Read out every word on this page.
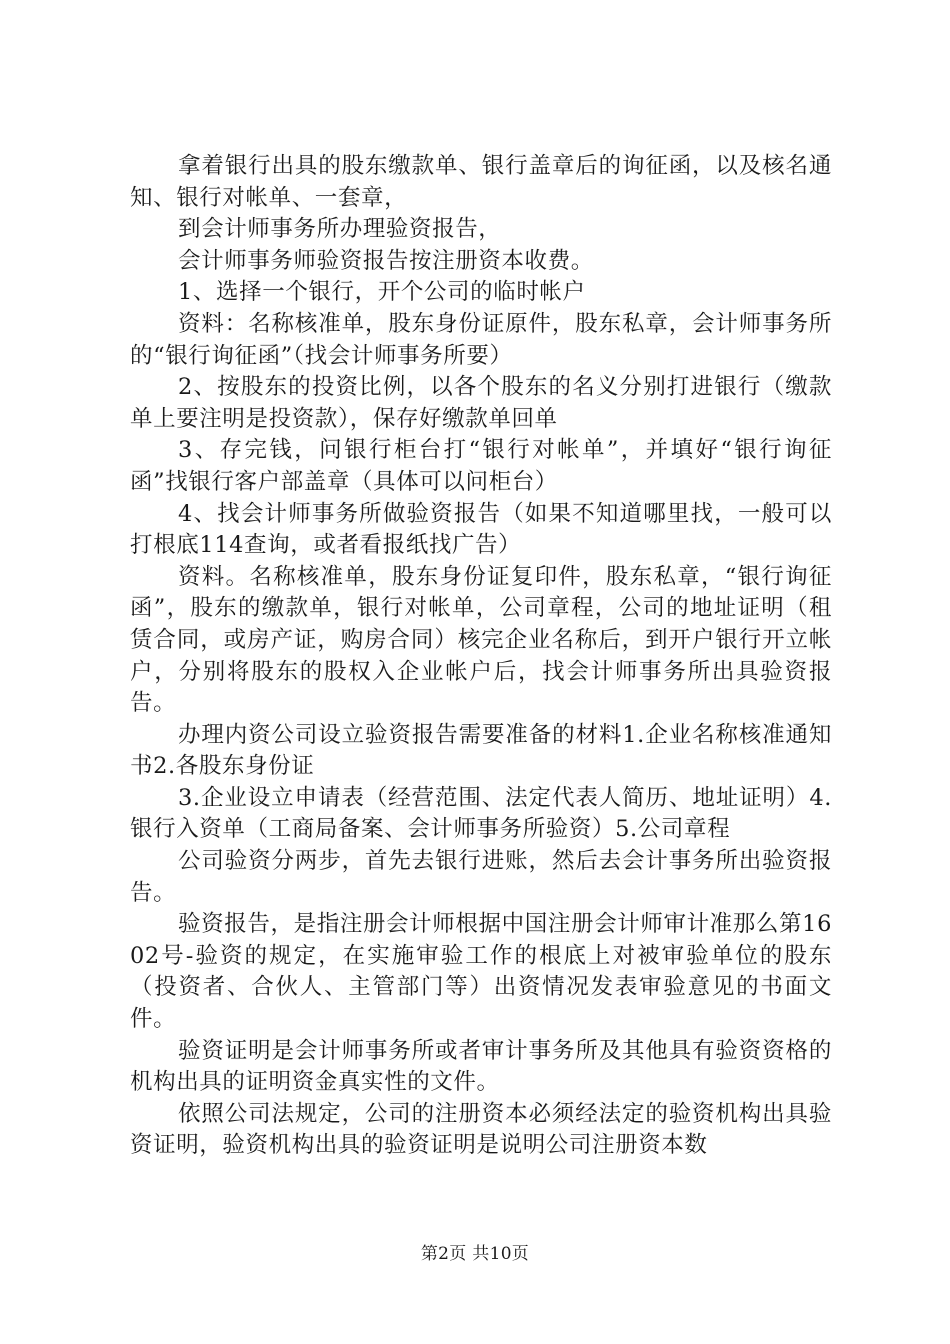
拿着银行出具的股东缴款单、银行盖章后的询征函，以及核名通知、银行对帐单、一套章，

到会计师事务所办理验资报告，

会计师事务师验资报告按注册资本收费。

1、选择一个银行，开个公司的临时帐户

资料：名称核准单，股东身份证原件，股东私章，会计师事务所的“银行询征函”（找会计师事务所要）

2、按股东的投资比例，以各个股东的名义分别打进银行（缴款单上要注明是投资款），保存好缴款单回单

3、存完钱，问银行柜台打“银行对帐单”，并填好“银行询征函”找银行客户部盖章（具体可以问柜台）

4、找会计师事务所做验资报告（如果不知道哪里找，一般可以打根底114查询，或者看报纸找广告）

资料。名称核准单，股东身份证复印件，股东私章，“银行询征函”，股东的缴款单，银行对帐单，公司章程，公司的地址证明（租赁合同，或房产证，购房合同）核完企业名称后，到开户银行开立帐户，分别将股东的股权入企业帐户后，找会计师事务所出具验资报告。

办理内资公司设立验资报告需要准备的材料1.企业名称核准通知书2.各股东身份证

3.企业设立申请表（经营范围、法定代表人简历、地址证明）4.银行入资单（工商局备案、会计师事务所验资）5.公司章程

公司验资分两步，首先去银行进账，然后去会计事务所出验资报告。

验资报告，是指注册会计师根据中国注册会计师审计准那么第1602号-验资的规定，在实施审验工作的根底上对被审验单位的股东（投资者、合伙人、主管部门等）出资情况发表审验意见的书面文件。

验资证明是会计师事务所或者审计事务所及其他具有验资资格的机构出具的证明资金真实性的文件。

依照公司法规定，公司的注册资本必须经法定的验资机构出具验资证明，验资机构出具的验资证明是说明公司注册资本数

第2页 共10页
